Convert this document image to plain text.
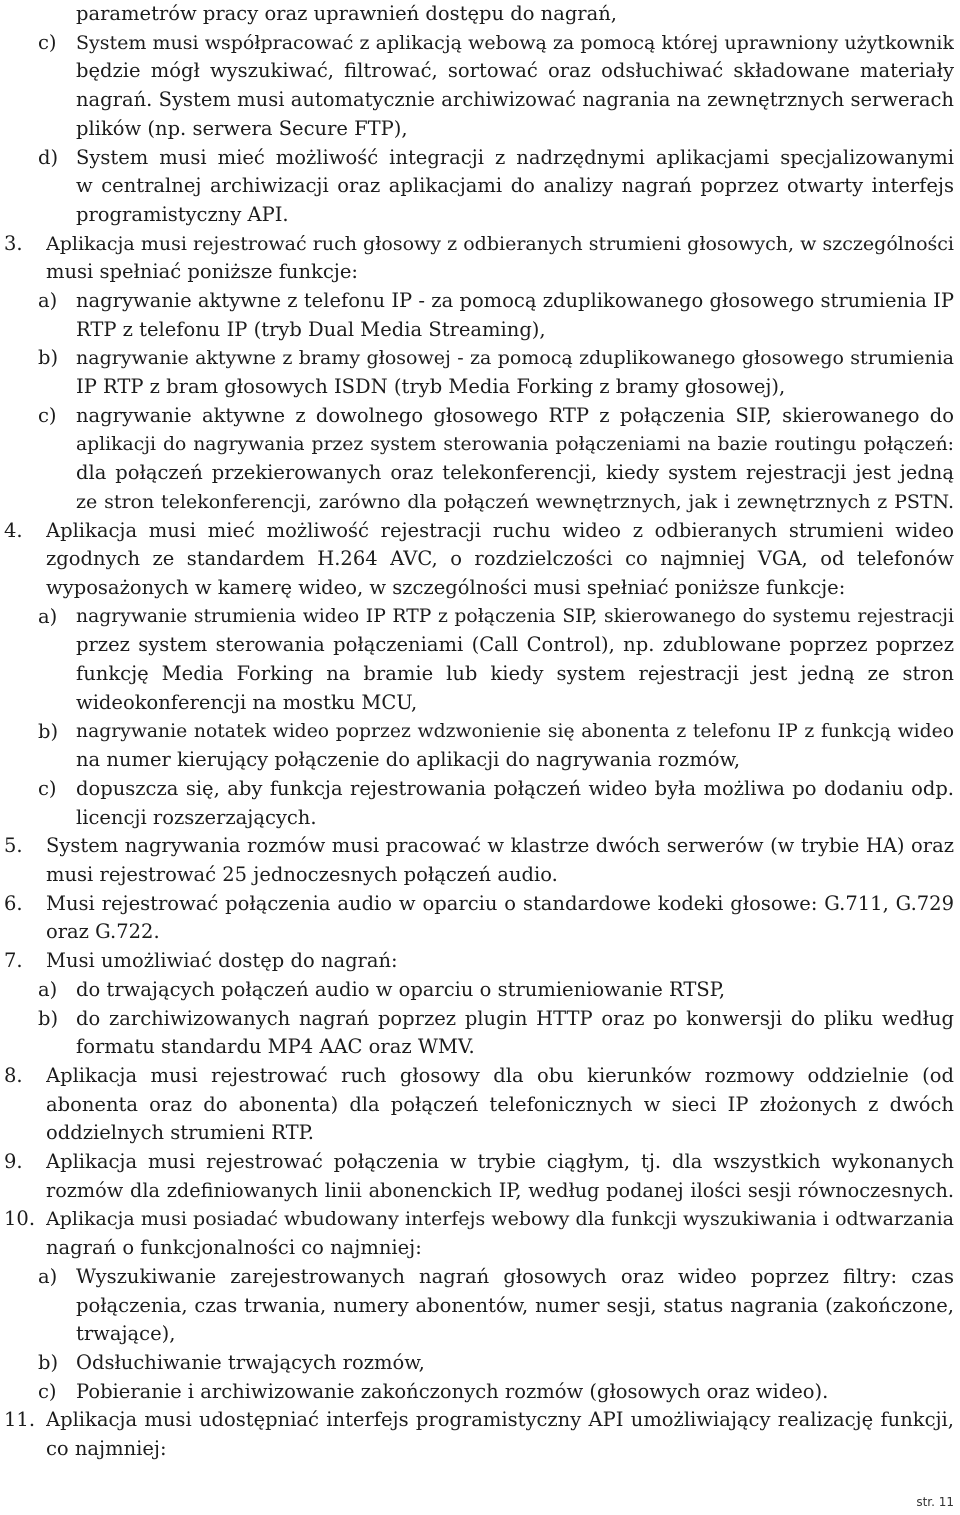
parametrów pracy oraz uprawnień dostępu do nagrań,
c) System musi współpracować z aplikacją webową za pomocą której uprawniony użytkownik
będzie mógł wyszukiwać, filtrować, sortować oraz odsłuchiwać składowane materiały
nagrań. System musi automatycznie archiwizować nagrania na zewnętrznych serwerach
plików (np. serwera Secure FTP),
d) System musi mieć możliwość integracji z nadrzędnymi aplikacjami specjalizowanymi
w centralnej archiwizacji oraz aplikacjami do analizy nagrań poprzez otwarty interfejs
programistyczny API.
3. Aplikacja musi rejestrować ruch głosowy z odbieranych strumieni głosowych, w szczególności
musi spełniać poniższe funkcje:
a) nagrywanie aktywne z telefonu IP - za pomocą zduplikowanego głosowego strumienia IP
RTP z telefonu IP (tryb Dual Media Streaming),
b) nagrywanie aktywne z bramy głosowej - za pomocą zduplikowanego głosowego strumienia
IP RTP z bram głosowych ISDN (tryb Media Forking z bramy głosowej),
c) nagrywanie aktywne z dowolnego głosowego RTP z połączenia SIP, skierowanego do
aplikacji do nagrywania przez system sterowania połączeniami na bazie routingu połączeń:
dla połączeń przekierowanych oraz telekonferencji, kiedy system rejestracji jest jedną
ze stron telekonferencji, zarówno dla połączeń wewnętrznych, jak i zewnętrznych z PSTN.
4. Aplikacja musi mieć możliwość rejestracji ruchu wideo z odbieranych strumieni wideo
zgodnych ze standardem H.264 AVC, o rozdzielczości co najmniej VGA, od telefonów
wyposażonych w kamerę wideo, w szczególności musi spełniać poniższe funkcje:
a) nagrywanie strumienia wideo IP RTP z połączenia SIP, skierowanego do systemu rejestracji
przez system sterowania połączeniami (Call Control), np. zdublowane poprzez poprzez
funkcję Media Forking na bramie lub kiedy system rejestracji jest jedną ze stron
wideokonferencji na mostku MCU,
b) nagrywanie notatek wideo poprzez wdzwonienie się abonenta z telefonu IP z funkcją wideo
na numer kierujący połączenie do aplikacji do nagrywania rozmów,
c) dopuszcza się, aby funkcja rejestrowania połączeń wideo była możliwa po dodaniu odp.
licencji rozszerzających.
5. System nagrywania rozmów musi pracować w klastrze dwóch serwerów (w trybie HA) oraz
musi rejestrować 25 jednoczesnych połączeń audio.
6. Musi rejestrować połączenia audio w oparciu o standardowe kodeki głosowe: G.711, G.729
oraz G.722.
7. Musi umożliwiać dostęp do nagrań:
a) do trwających połączeń audio w oparciu o strumieniowanie RTSP,
b) do zarchiwizowanych nagrań poprzez plugin HTTP oraz po konwersji do pliku według
formatu standardu MP4 AAC oraz WMV.
8. Aplikacja musi rejestrować ruch głosowy dla obu kierunków rozmowy oddzielnie (od
abonenta oraz do abonenta) dla połączeń telefonicznych w sieci IP złożonych z dwóch
oddzielnych strumieni RTP.
9. Aplikacja musi rejestrować połączenia w trybie ciągłym, tj. dla wszystkich wykonanych
rozmów dla zdefiniowanych linii abonenckich IP, według podanej ilości sesji równoczesnych.
10. Aplikacja musi posiadać wbudowany interfejs webowy dla funkcji wyszukiwania i odtwarzania
nagrań o funkcjonalności co najmniej:
a) Wyszukiwanie zarejestrowanych nagrań głosowych oraz wideo poprzez filtry: czas
połączenia, czas trwania, numery abonentów, numer sesji, status nagrania (zakończone,
trwające),
b) Odsłuchiwanie trwających rozmów,
c) Pobieranie i archiwizowanie zakończonych rozmów (głosowych oraz wideo).
11. Aplikacja musi udostępniać interfejs programistyczny API umożliwiający realizację funkcji,
co najmniej:
str. 11
